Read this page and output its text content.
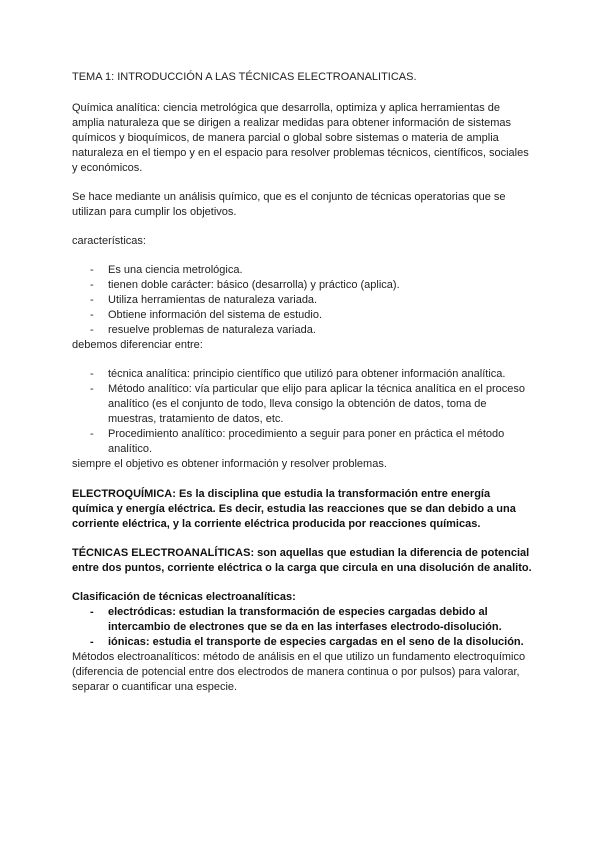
TEMA 1: INTRODUCCIÓN A LAS TÉCNICAS ELECTROANALITICAS.

Química analítica: ciencia metrológica que desarrolla, optimiza y aplica herramientas de amplia naturaleza que se dirigen a realizar medidas para obtener información de sistemas químicos y bioquímicos, de manera parcial o global sobre sistemas o materia de amplia naturaleza en el tiempo y en el espacio para resolver problemas técnicos, científicos, sociales y económicos.

Se hace mediante un análisis químico, que es el conjunto de técnicas operatorias que se utilizan para cumplir los objetivos.

características:

- Es una ciencia metrológica.
- tienen doble carácter: básico (desarrolla) y práctico (aplica).
- Utiliza herramientas de naturaleza variada.
- Obtiene información del sistema de estudio.
- resuelve problemas de naturaleza variada.

debemos diferenciar entre:

- técnica analítica: principio científico que utilizó para obtener información analítica.
- Método analítico: vía particular que elijo para aplicar la técnica analítica en el proceso analítico (es el conjunto de todo, lleva consigo la obtención de datos, toma de muestras, tratamiento de datos, etc.
- Procedimiento analítico: procedimiento a seguir para poner en práctica el método analítico.

siempre el objetivo es obtener información y resolver problemas.

ELECTROQUÍMICA: Es la disciplina que estudia la transformación entre energía química y energía eléctrica. Es decir, estudia las reacciones que se dan debido a una corriente eléctrica, y la corriente eléctrica producida por reacciones químicas.

TÉCNICAS ELECTROANALÍTICAS: son aquellas que estudian la diferencia de potencial entre dos puntos, corriente eléctrica o la carga que circula en una disolución de analito.

Clasificación de técnicas electroanalíticas:

- electródicas: estudian la transformación de especies cargadas debido al intercambio de electrones que se da en las interfases electrodo-disolución.
- iónicas: estudia el transporte de especies cargadas en el seno de la disolución.

Métodos electroanalíticos: método de análisis en el que utilizo un fundamento electroquímico (diferencia de potencial entre dos electrodos de manera continua o por pulsos) para valorar, separar o cuantificar una especie.
